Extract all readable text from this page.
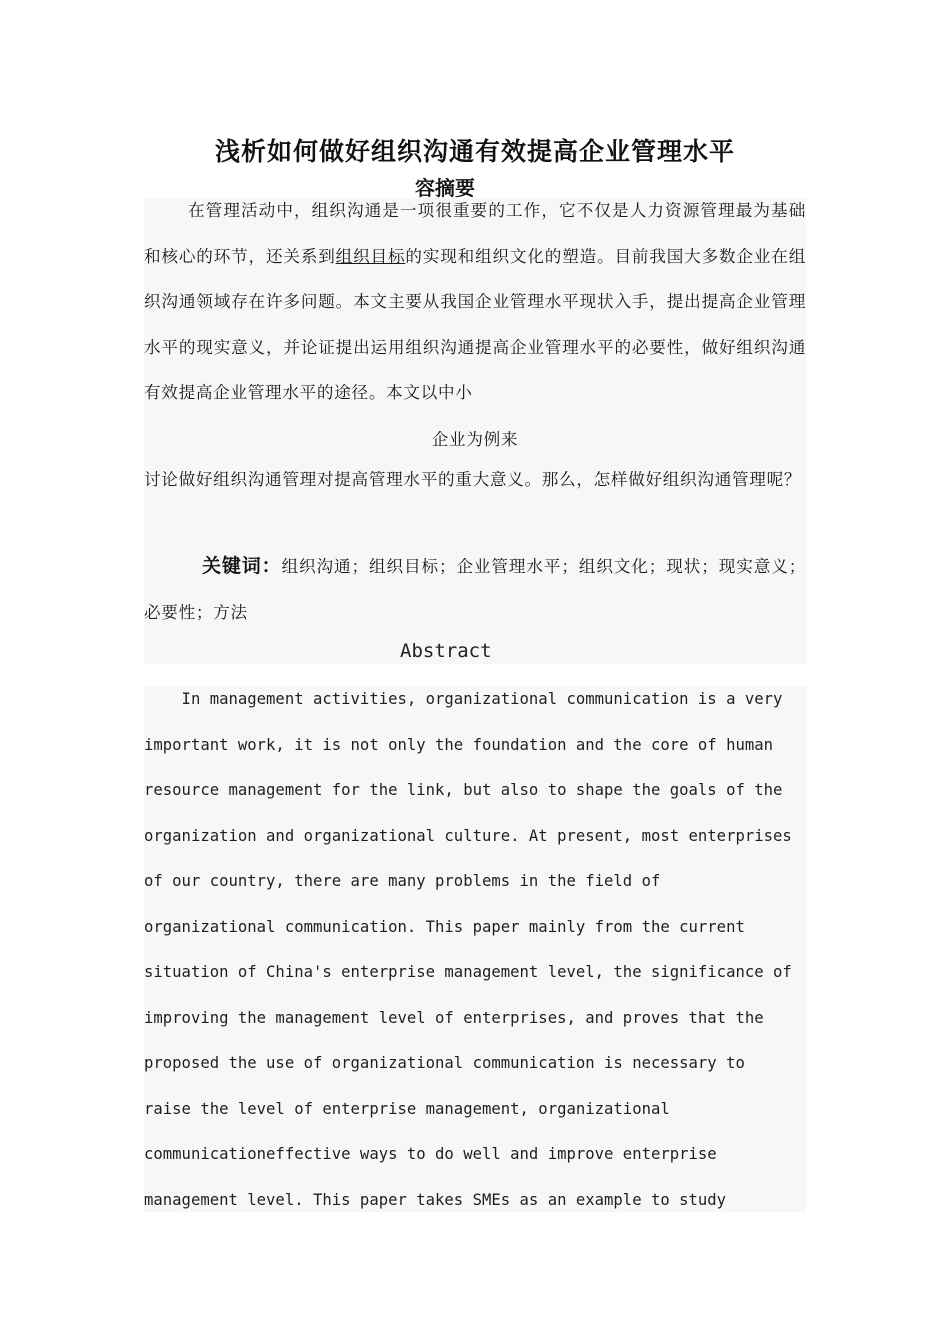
浅析如何做好组织沟通有效提高企业管理水平
容摘要
在管理活动中，组织沟通是一项很重要的工作，它不仅是人力资源管理最为基础和核心的环节，还关系到组织目标的实现和组织文化的塑造。目前我国大多数企业在组织沟通领域存在许多问题。本文主要从我国企业管理水平现状入手，提出提高企业管理水平的现实意义，并论证提出运用组织沟通提高企业管理水平的必要性，做好组织沟通有效提高企业管理水平的途径。本文以中小
企业为例来
讨论做好组织沟通管理对提高管理水平的重大意义。那么，怎样做好组织沟通管理呢？
关键词：组织沟通；组织目标；企业管理水平；组织文化；现状；现实意义；必要性；方法
Abstract
In management activities, organizational communication is a very
important work, it is not only the foundation and the core of human
resource management for the link, but also to shape the goals of the
organization and organizational culture. At present, most enterprises
of our country, there are many problems in the field of
organizational communication. This paper mainly from the current
situation of China's enterprise management level, the significance of
improving the management level of enterprises, and proves that the
proposed the use of organizational communication is necessary to
raise the level of enterprise management, organizational
communicationeffective ways to do well and improve enterprise
management level. This paper takes SMEs as an example to study
